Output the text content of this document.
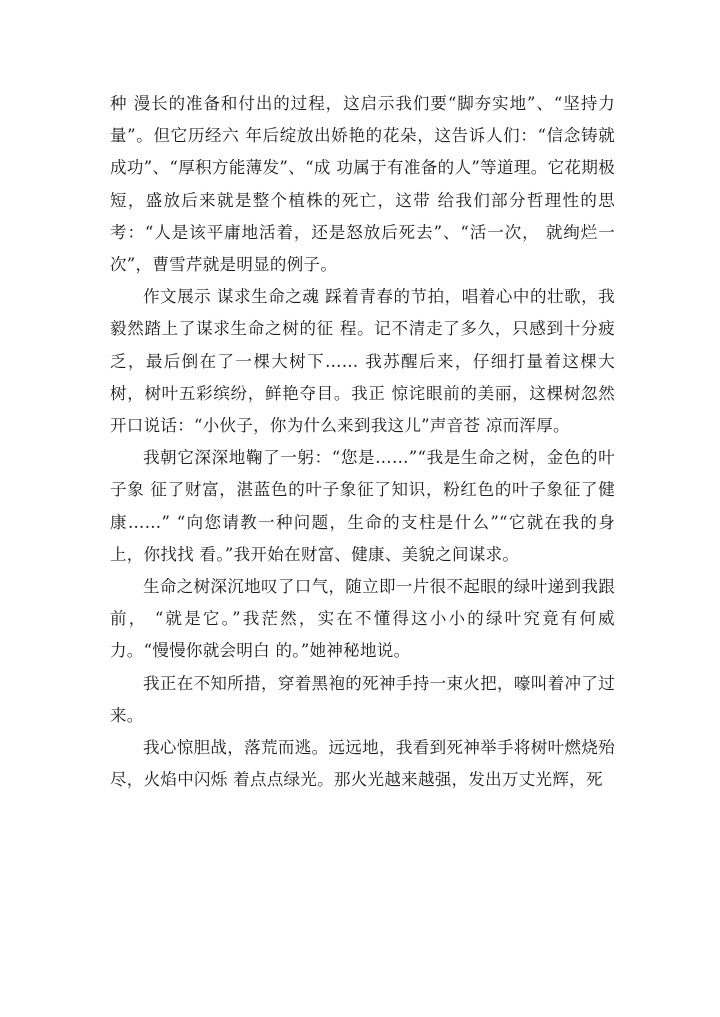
种 漫长的准备和付出的过程，这启示我们要“脚夯实地”、“坚持力量”。但它历经六 年后绽放出娇艳的花朵，这告诉人们：“信念铸就成功”、“厚积方能薄发”、“成 功属于有准备的人”等道理。它花期极短，盛放后来就是整个植株的死亡，这带 给我们部分哲理性的思考：“人是该平庸地活着，还是怒放后死去”、“活一次， 就绚烂一次”，曹雪芹就是明显的例子。

作文展示 谋求生命之魂 踩着青春的节拍，唱着心中的壮歌，我毅然踏上了谋求生命之树的征 程。记不清走了多久，只感到十分疲乏，最后倒在了一棵大树下…… 我苏醒后来，仔细打量着这棵大树，树叶五彩缤纷，鲜艳夺目。我正 惊诧眼前的美丽，这棵树忽然开口说话：“小伙子，你为什么来到我这儿”声音苍 凉而浑厚。

我朝它深深地鞠了一躬：“您是……”“我是生命之树，金色的叶子象 征了财富，湛蓝色的叶子象征了知识，粉红色的叶子象征了健康……” “向您请教一种问题，生命的支柱是什么”“它就在我的身上，你找找 看。”我开始在财富、健康、美貌之间谋求。

生命之树深沉地叹了口气，随立即一片很不起眼的绿叶递到我跟前， “就是它。”我茫然，实在不懂得这小小的绿叶究竟有何威力。“慢慢你就会明白 的。”她神秘地说。

我正在不知所措，穿着黑袍的死神手持一束火把，嚎叫着冲了过来。

我心惊胆战，落荒而逃。远远地，我看到死神举手将树叶燃烧殆尽，火焰中闪烁 着点点绿光。那火光越来越强，发出万丈光辉，死
